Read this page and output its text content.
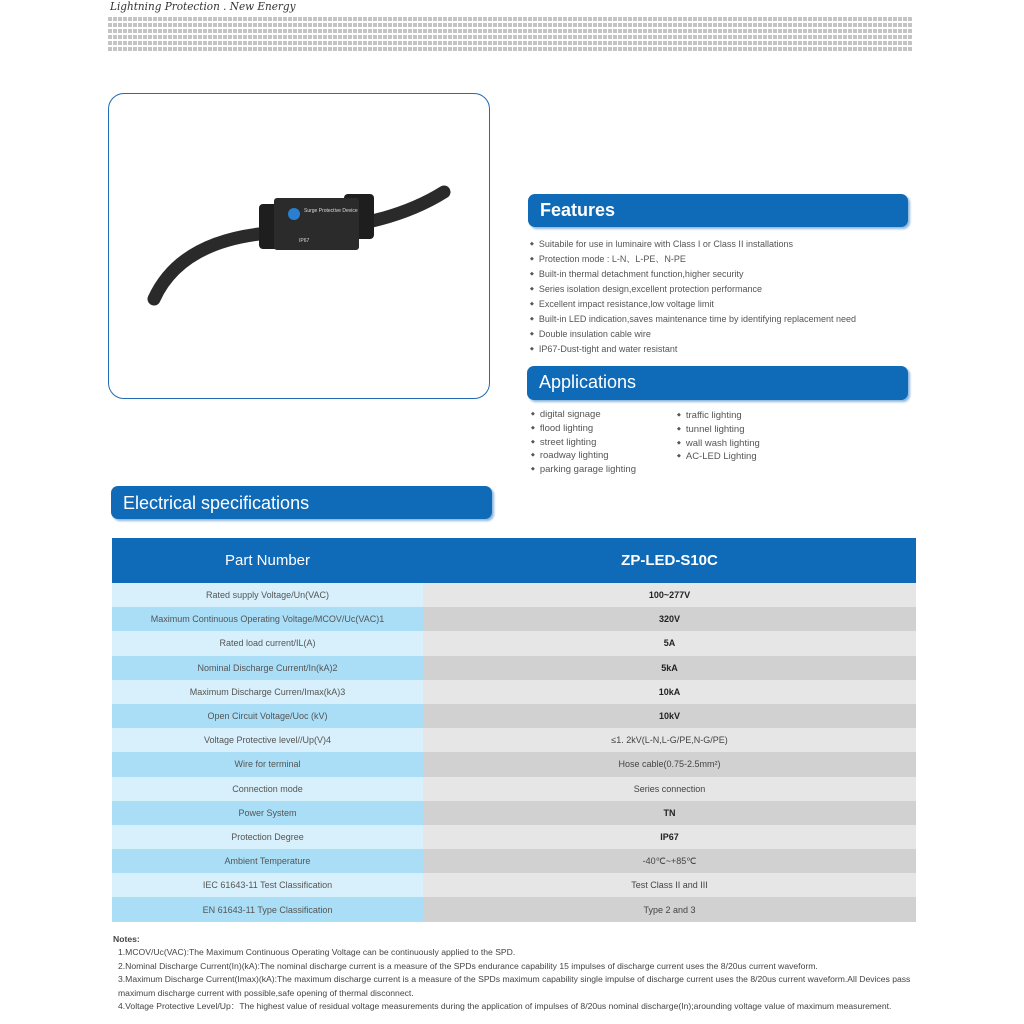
Lightning Protection . New Energy
Surge Protective Device
IP67
Features
◆ Suitabile for use in luminaire with Class I or Class II installations
◆ Protection mode : L-N、L-PE、N-PE
◆ Built-in thermal detachment function,higher security
◆ Series isolation design,excellent protection performance
◆ Excellent impact resistance,low voltage limit
◆ Built-in LED indication,saves maintenance time by identifying replacement need
◆ Double insulation cable wire
◆ IP67-Dust-tight and water resistant
Applications
◆ digital signage
◆ flood lighting
◆ street lighting
◆ roadway lighting
◆ parking garage lighting
◆ traffic lighting
◆ tunnel lighting
◆ wall wash lighting
◆ AC-LED Lighting
Electrical specifications
Part Number	ZP-LED-S10C
Rated supply Voltage/Un(VAC)	100~277V
Maximum Continuous Operating Voltage/MCOV/Uc(VAC)1	320V
Rated load current/IL(A)	5A
Nominal Discharge Current/In(kA)2	5kA
Maximum Discharge Curren/Imax(kA)3	10kA
Open Circuit Voltage/Uoc (kV)	10kV
Voltage Protective level//Up(V)4	≤1. 2kV(L-N,L-G/PE,N-G/PE)
Wire for terminal	Hose cable(0.75-2.5mm²)
Connection mode	Series connection
Power System	TN
Protection Degree	IP67
Ambient Temperature	-40℃~+85℃
IEC 61643-11 Test Classification	Test Class II and III
EN 61643-11 Type Classification	Type 2 and 3

Notes:

1.MCOV/Uc(VAC):The Maximum Continuous Operating Voltage can be continuously applied to the SPD.

2.Nominal Discharge Current(In)(kA):The nominal discharge current is a measure of the SPDs endurance capability 15 impulses of discharge current uses the 8/20us current waveform.

3.Maximum Discharge Current(Imax)(kA):The maximum discharge current is a measure of the SPDs maximum capability single impulse of discharge current uses the 8/20us current waveform.All Devices pass maximum discharge current with possible,safe opening of thermal disconnect.

4.Voltage Protective Level/Up：The highest value of residual voltage measurements during the application of impulses of 8/20us nominal discharge(In);arounding voltage value of maximum measurement.
